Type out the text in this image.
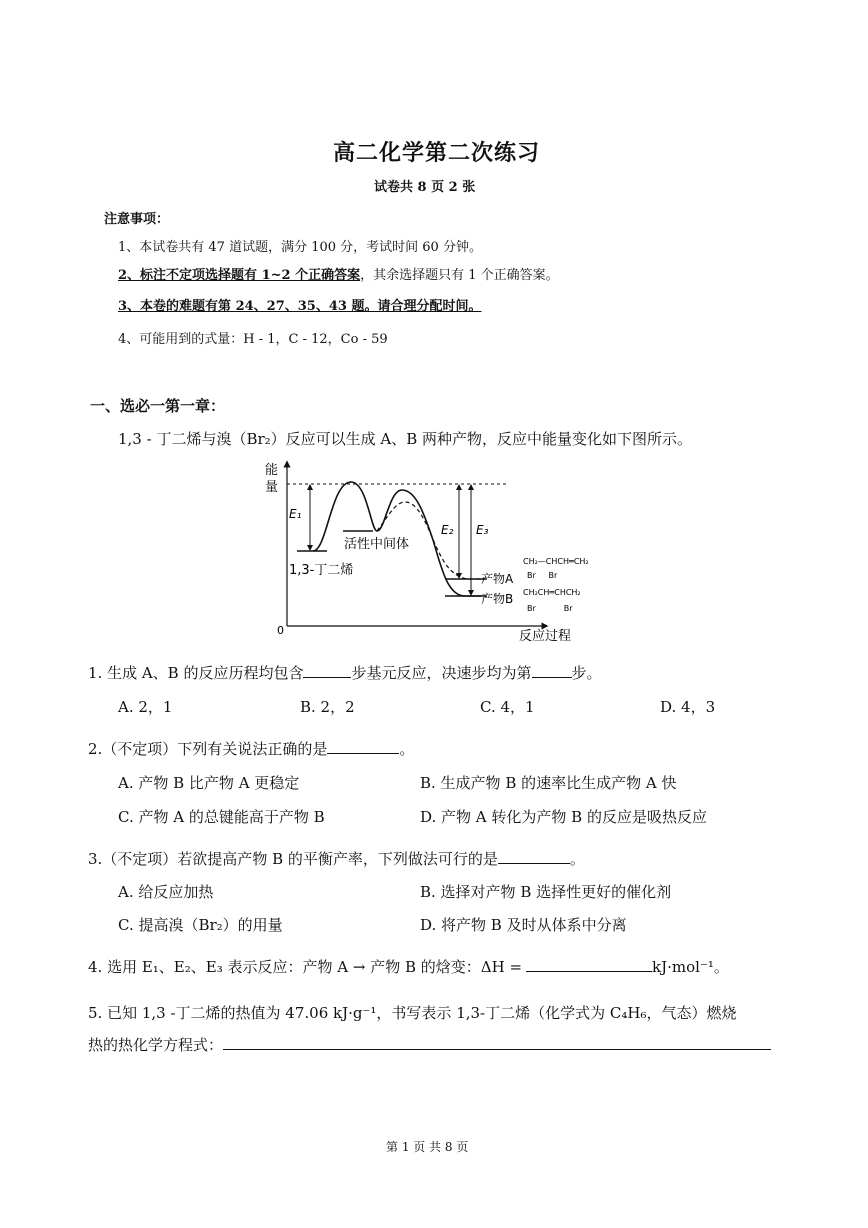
高二化学第二次练习
试卷共 8 页 2 张
注意事项：
1、本试卷共有 47 道试题，满分 100 分，考试时间 60 分钟。
2、标注不定项选择题有 1~2 个正确答案，其余选择题只有 1 个正确答案。
3、本卷的难题有第 24、27、35、43 题。请合理分配时间。
4、可能用到的式量：H - 1，C - 12，Co - 59
一、选必一第一章：
1,3 - 丁二烯与溴（Br₂）反应可以生成 A、B 两种产物，反应中能量变化如下图所示。
能
量
0	反应过程
E₁
E₂ E₃
活性中间体
1,3-丁二烯
产物A
产物B
CH₂—CHCH═CH₂
Br     Br
CH₂CH═CHCH₂
Br           Br
1. 生成 A、B 的反应历程均包含	步基元反应，决速步均为第	步。
A. 2，1	B. 2，2	C. 4，1	D. 4，3
2.（不定项）下列有关说法正确的是	。
A. 产物 B 比产物 A 更稳定	B. 生成产物 B 的速率比生成产物 A 快
C. 产物 A 的总键能高于产物 B	D. 产物 A 转化为产物 B 的反应是吸热反应
3.（不定项）若欲提高产物 B 的平衡产率，下列做法可行的是	。
A. 给反应加热	B. 选择对产物 B 选择性更好的催化剂
C. 提高溴（Br₂）的用量	D. 将产物 B 及时从体系中分离
4. 选用 E₁、E₂、E₃ 表示反应：产物 A → 产物 B 的焓变：ΔH =	kJ·mol⁻¹。
5. 已知 1,3 -丁二烯的热值为 47.06 kJ·g⁻¹，书写表示 1,3-丁二烯（化学式为 C₄H₆，气态）燃烧
热的热化学方程式：
第 1 页 共 8 页
